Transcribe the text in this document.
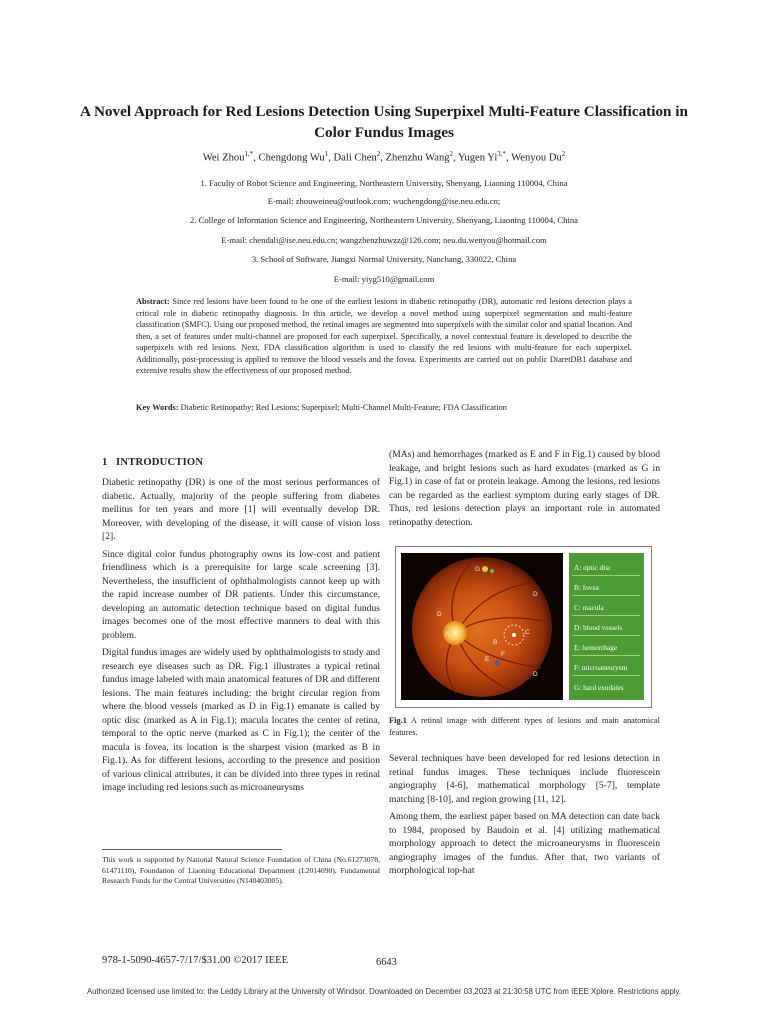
A Novel Approach for Red Lesions Detection Using Superpixel Multi-Feature Classification in Color Fundus Images
Wei Zhou$^{1,*}$, Chengdong Wu$^1$, Dali Chen$^2$, Zhenzhu Wang$^2$, Yugen $Yi^{3,*}$, Wenyou Du$^2$
1. Faculty of Robot Science and Engineering, Northeastern University, Shenyang, Liaoning 110004, China
E-mail: zhouweineu@outlook.com; wuchengdong@ise.neu.edu.cn;
2. College of Information Science and Engineering, Northeastern University, Shenyang, Liaoning 110004, China
E-mail: chendali@ise.neu.edu.cn; wangzhenzhuwzz@126.com; neu.du.wenyou@hotmail.com
3. School of Software, Jiangxi Normal University, Nanchang, 330022, China
E-mail: yiyg510@gmail.com
Abstract: Since red lesions have been found to be one of the earliest lesions in diabetic retinopathy (DR), automatic red lesions detection plays a critical role in diabetic retinopathy diagnosis. In this article, we develop a novel method using superpixel segmentation and multi-feature classification (SMFC). Using our proposed method, the retinal images are segmented into superpixels with the similar color and spatial location. And then, a set of features under multi-channel are proposed for each superpixel. Specifically, a novel contextual feature is developed to describe the superpixels with red lesions. Next, FDA classification algorithm is used to classify the red lesions with multi-feature for each superpixel. Additionally, post-processing is applied to remove the blood vessels and the fovea. Experiments are carried out on public DiaretDB1 database and extensive results show the effectiveness of our proposed method.
Key Words: Diabetic Retinopathy; Red Lesions; Superpixel; Multi-Channel Multi-Feature; FDA Classification
1   INTRODUCTION

Diabetic retinopathy (DR) is one of the most serious performances of diabetic. Actually, majority of the people suffering from diabetes mellitus for ten years and more [1] will eventually develop DR. Moreover, with developing of the disease, it will cause of vision loss [2].

Since digital color fundus photography owns its low-cost and patient friendliness which is a prerequisite for large scale screening [3]. Nevertheless, the insufficient of ophthalmologists cannot keep up with the rapid increase number of DR patients. Under this circumstance, developing an automatic detection technique based on digital fundus images becomes one of the most effective manners to deal with this problem.

Digital fundus images are widely used by ophthalmologists to study and research eye diseases such as DR. Fig.1 illustrates a typical retinal fundus image labeled with main anatomical features of DR and different lesions. The main features including: the bright circular region from where the blood vessels (marked as D in Fig.1) emanate is called by optic disc (marked as A in Fig.1); macula locates the center of retina, temporal to the optic nerve (marked as C in Fig.1); the center of the macula is fovea, its location is the sharpest vision (marked as B in Fig.1). As for different lesions, according to the presence and position of various clinical attributes, it can be divided into three types in retinal image including red lesions such as microaneurysms

(MAs) and hemorrhages (marked as E and F in Fig.1) caused by blood leakage, and bright lesions such as hard exudates (marked as G in Fig.1) in case of fat or protein leakage. Among the lesions, red lesions can be regarded as the earliest symptom during early stages of DR. Thus, red lesions detection plays an important role in automated retinopathy detection.

G
D
D
D
A
B
C
E
F
A: optic disc
B: fovea
C: macula
D: blood vessels
E: hemorrhage
F: microaneurysm
G: hard exudates
Fig.1 A retinal image with different types of lesions and main anatomical features.

Several techniques have been developed for red lesions detection in retinal fundus images. These techniques include fluorescein angiography [4-6], mathematical morphology [5-7], template matching [8-10], and region growing [11, 12].

Among them, the earliest paper based on MA detection can date back to 1984, proposed by Baudoin et al. [4] utilizing mathematical morphology approach to detect the microaneurysms in fluorescein angiography images of the fundus. After that, two variants of morphological top-hat

This work is supported by National Natural Science Foundation of China (No.61273078, 61471110), Foundation of Liaoning Educational Department (L2014090), Fundamental Research Funds for the Central Universities (N140403005).
978-1-5090-4657-7/17/$31.00 ©2017 IEEE	6643
Authorized licensed use limited to: the Leddy Library at the University of Windsor. Downloaded on December 03,2023 at 21:30:58 UTC from IEEE Xplore. Restrictions apply.
